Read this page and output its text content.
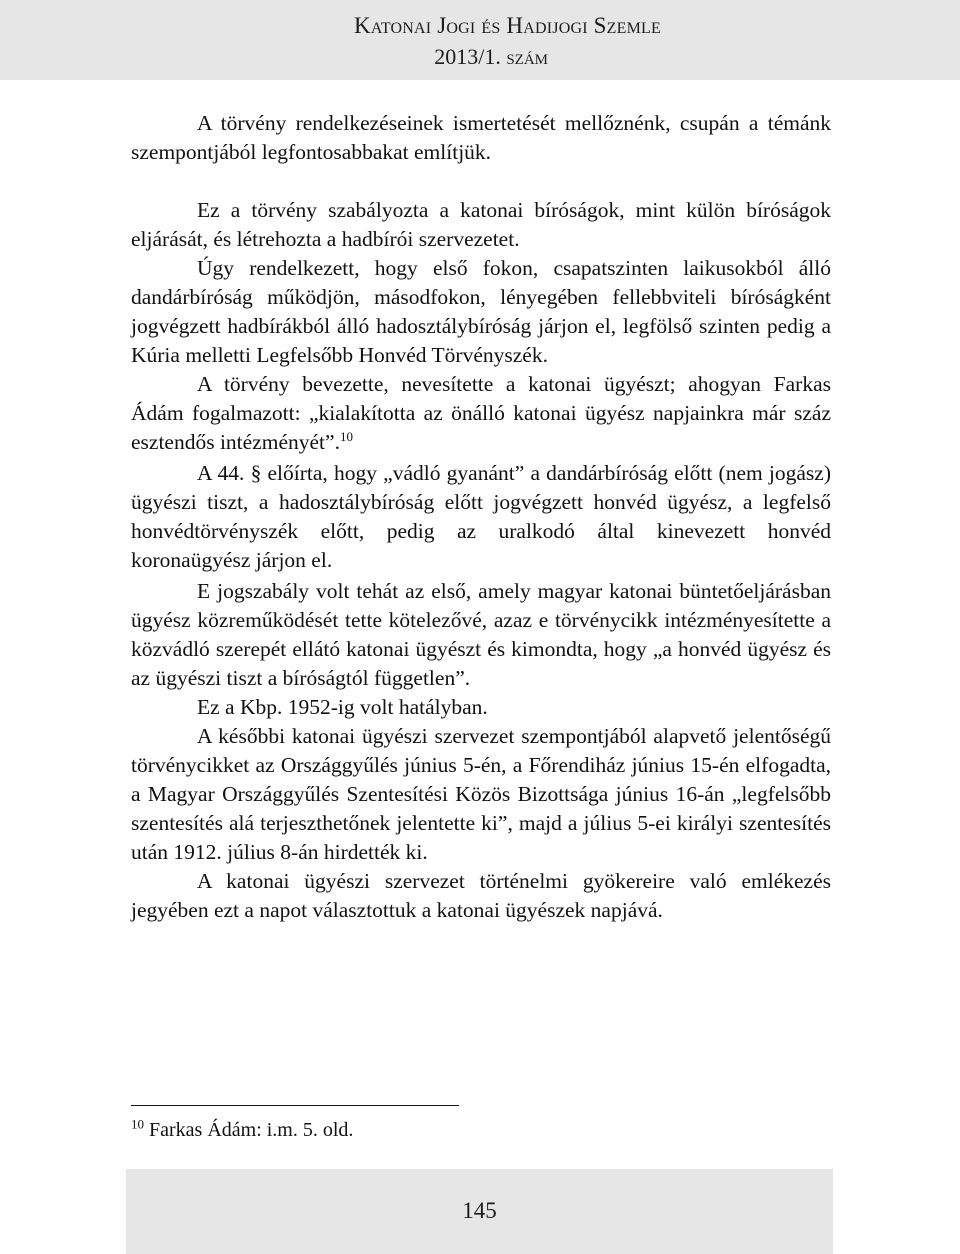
Katonai Jogi és Hadijogi Szemle
2013/1. szám

A törvény rendelkezéseinek ismertetését mellőznénk, csupán a témánk szempontjából legfontosabbakat említjük.

Ez a törvény szabályozta a katonai bíróságok, mint külön bíróságok eljárását, és létrehozta a hadbírói szervezetet.

Úgy rendelkezett, hogy első fokon, csapatszinten laikusokból álló dandárbíróság működjön, másodfokon, lényegében fellebbviteli bíróságként jogvégzett hadbírákból álló hadosztálybíróság járjon el, legfölső szinten pedig a Kúria melletti Legfelsőbb Honvéd Törvényszék.

A törvény bevezette, nevesítette a katonai ügyészt; ahogyan Farkas Ádám fogalmazott: „kialakította az önálló katonai ügyész napjainkra már száz esztendős intézményét”.$^{10}$

A 44. § előírta, hogy „vádló gyanánt” a dandárbíróság előtt (nem jogász) ügyészi tiszt, a hadosztálybíróság előtt jogvégzett honvéd ügyész, a legfelső honvédtörvényszék előtt, pedig az uralkodó által kinevezett honvéd koronaügyész járjon el.

E jogszabály volt tehát az első, amely magyar katonai büntetőeljárásban ügyész közreműködését tette kötelezővé, azaz e törvénycikk intézményesítette a közvádló szerepét ellátó katonai ügyészt és kimondta, hogy „a honvéd ügyész és az ügyészi tiszt a bíróságtól független”.

Ez a Kbp. 1952-ig volt hatályban.

A későbbi katonai ügyészi szervezet szempontjából alapvető jelentőségű törvénycikket az Országgyűlés június 5-én, a Főrendiház június 15-én elfogadta, a Magyar Országgyűlés Szentesítési Közös Bizottsága június 16-án „legfelsőbb szentesítés alá terjeszthetőnek jelentette ki”, majd a július 5-ei királyi szentesítés után 1912. július 8-án hirdették ki.

A katonai ügyészi szervezet történelmi gyökereire való emlékezés jegyében ezt a napot választottuk a katonai ügyészek napjává.

$^{10}$ Farkas Ádám: i.m. 5. old.
145
